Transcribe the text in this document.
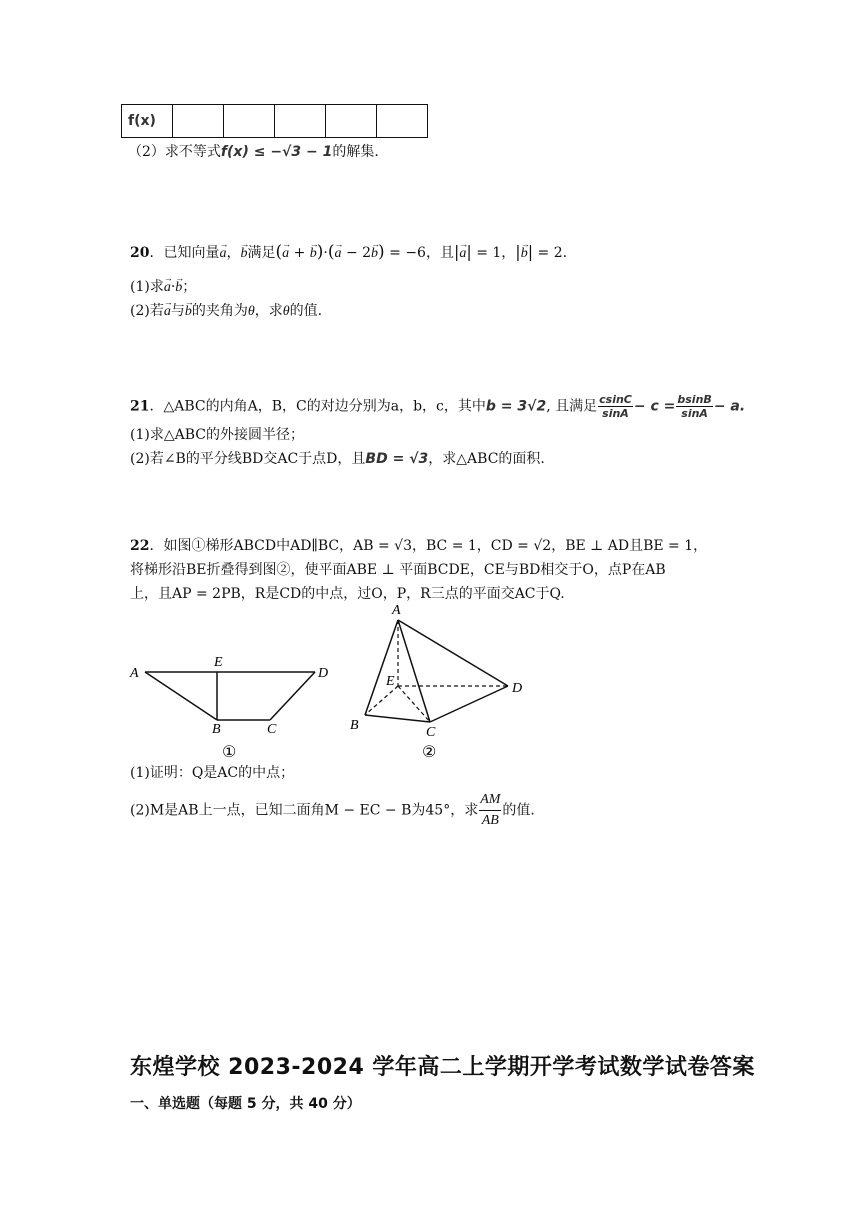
f(x)					
（2）求不等式f(x) ≤ −√3 − 1的解集.
20．已知向量→ a，→ b满足(→ a + → b)·(→ a − 2→ b) = −6，且|→ a| = 1，|→ b| = 2.
(1)求→ a·→ b；
(2)若→ a与→ b的夹角为θ，求θ的值.
21．△ABC的内角A，B，C的对边分别为a，b，c，其中b = 3√2, 且满足 $\frac{csinC}{\sin A} - c = \frac{bsinB}{\sin A} - a$.
(1)求△ABC的外接圆半径；
(2)若∠B的平分线BD交AC于点D，且BD = √3，求△ABC的面积.
22．如图①梯形ABCD中AD∥BC，AB = √3，BC = 1，CD = √2，BE ⊥ AD且BE = 1，
将梯形沿BE折叠得到图②，使平面ABE ⊥ 平面BCDE，CE与BD相交于O，点P在AB
上，且AP = 2PB，R是CD的中点，过O，P，R三点的平面交AC于Q.
A
E
D
B	C
①
A
E	D
B	C
②
(1)证明：Q是AC的中点；
(2)M是AB上一点，已知二面角M − EC − B为45°，求 $\frac{AM}{AB}$ 的值.
东煌学校 2023-2024 学年高二上学期开学考试数学试卷答案
一、单选题（每题 5 分，共 40 分）
